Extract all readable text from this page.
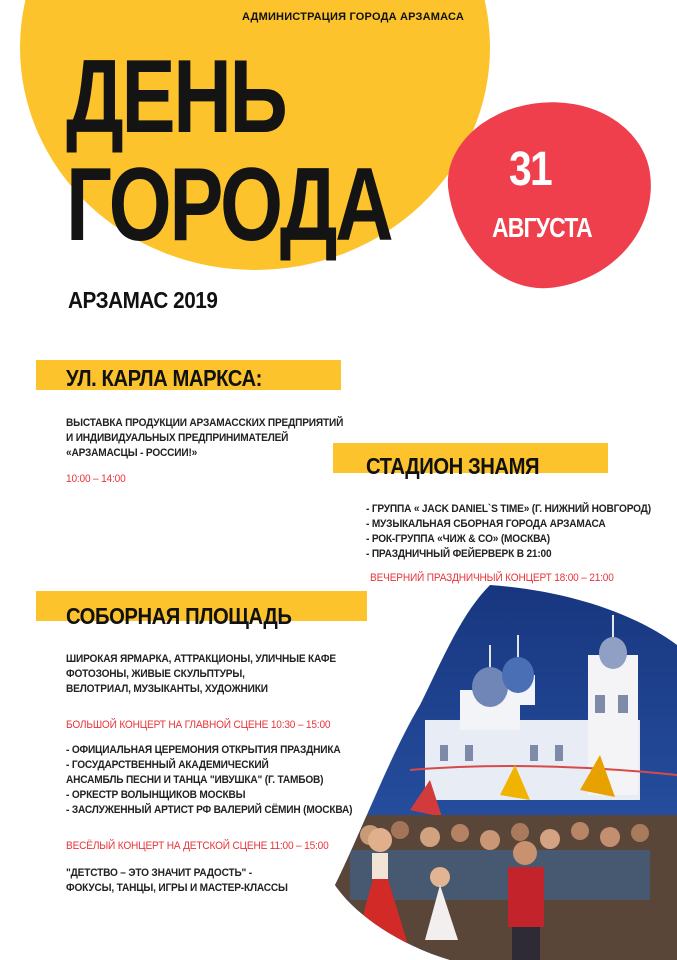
АДМИНИСТРАЦИЯ ГОРОДА АРЗАМАСА
ДЕНЬ
ГОРОДА 31
АВГУСТА
АРЗАМАС 2019
УЛ. КАРЛА МАРКСА:
ВЫСТАВКА ПРОДУКЦИИ АРЗАМАССКИХ ПРЕДПРИЯТИЙ
И ИНДИВИДУАЛЬНЫХ ПРЕДПРИНИМАТЕЛЕЙ
«АРЗАМАСЦЫ - РОССИИ!»
10:00 – 14:00	СТАДИОН ЗНАМЯ
- ГРУППА « JACK DANIEL`S TIME» (Г. НИЖНИЙ НОВГОРОД)
- МУЗЫКАЛЬНАЯ СБОРНАЯ ГОРОДА АРЗАМАСА
- РОК-ГРУППА «ЧИЖ & CO» (МОСКВА)
- ПРАЗДНИЧНЫЙ ФЕЙЕРВЕРК В 21:00
ВЕЧЕРНИЙ ПРАЗДНИЧНЫЙ КОНЦЕРТ 18:00 – 21:00
СОБОРНАЯ ПЛОЩАДЬ
ШИРОКАЯ ЯРМАРКА, АТТРАКЦИОНЫ, УЛИЧНЫЕ КАФЕ
ФОТОЗОНЫ, ЖИВЫЕ СКУЛЬПТУРЫ,
ВЕЛОТРИАЛ, МУЗЫКАНТЫ, ХУДОЖНИКИ
БОЛЬШОЙ КОНЦЕРТ НА ГЛАВНОЙ СЦЕНЕ 10:30 – 15:00
- ОФИЦИАЛЬНАЯ ЦЕРЕМОНИЯ ОТКРЫТИЯ ПРАЗДНИКА
- ГОСУДАРСТВЕННЫЙ АКАДЕМИЧЕСКИЙ
АНСАМБЛЬ ПЕСНИ И ТАНЦА "ИВУШКА" (Г. ТАМБОВ)
- ОРКЕСТР ВОЛЫНЩИКОВ МОСКВЫ
- ЗАСЛУЖЕННЫЙ АРТИСТ РФ ВАЛЕРИЙ СЁМИН (МОСКВА)
ВЕСЁЛЫЙ КОНЦЕРТ НА ДЕТСКОЙ СЦЕНЕ 11:00 – 15:00
"ДЕТСТВО – ЭТО ЗНАЧИТ РАДОСТЬ" -
ФОКУСЫ, ТАНЦЫ, ИГРЫ И МАСТЕР-КЛАССЫ
